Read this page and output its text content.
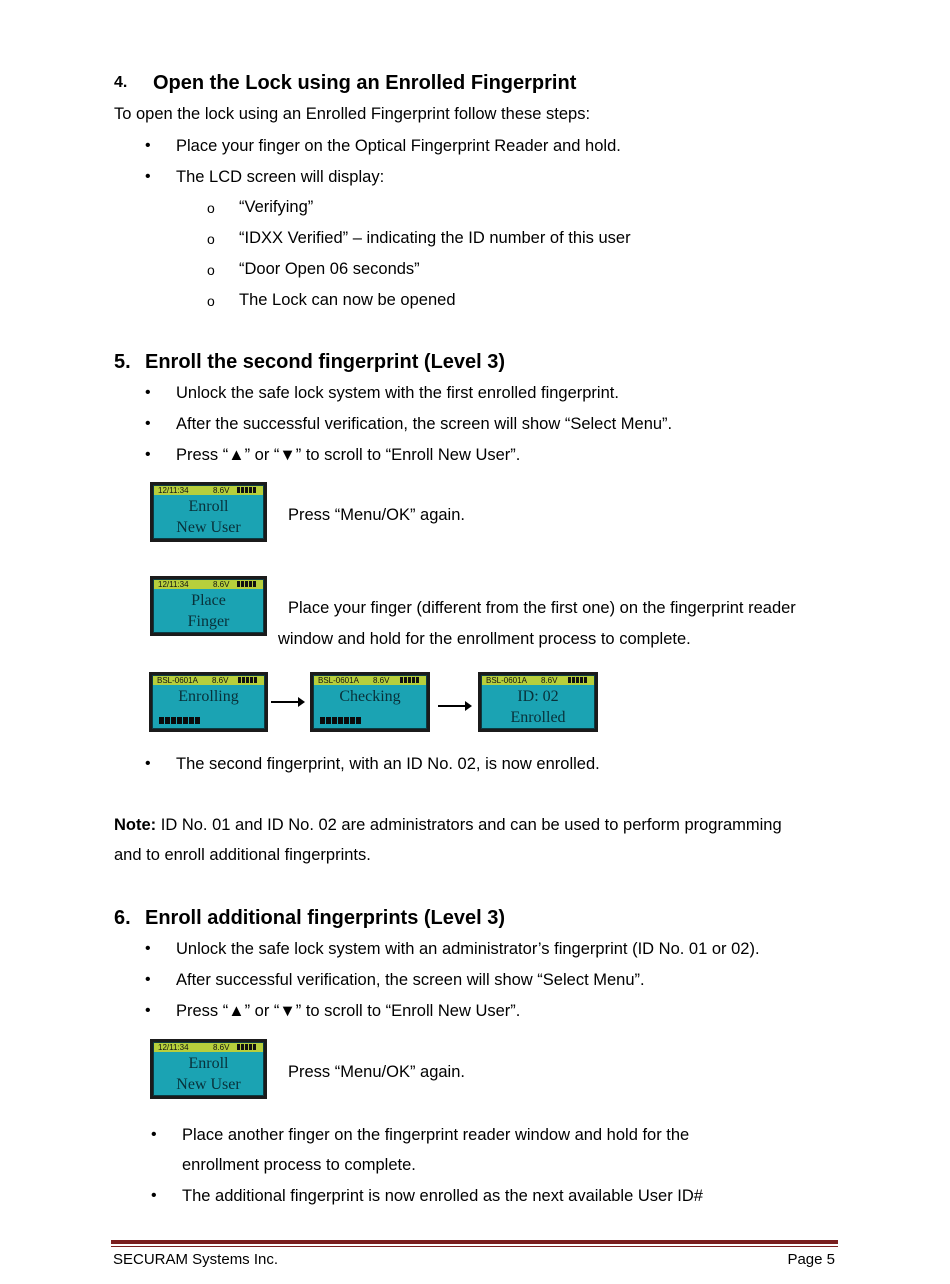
4. Open the Lock using an Enrolled Fingerprint
To open the lock using an Enrolled Fingerprint follow these steps:
• Place your finger on the Optical Fingerprint Reader and hold.
• The LCD screen will display:
o “Verifying”
o “IDXX Verified” – indicating the ID number of this user
o “Door Open 06 seconds”
o The Lock can now be opened
5. Enroll the second fingerprint (Level 3)
• Unlock the safe lock system with the first enrolled fingerprint.
• After the successful verification, the screen will show “Select Menu”.
• Press “▲” or “▼” to scroll to “Enroll New User”.
12/11:34	8.6V
Enroll
New User
Press “Menu/OK” again.
12/11:34	8.6V
Place
Finger
Place your finger (different from the first one) on the fingerprint reader
window and hold for the enrollment process to complete.
BSL-0601A 8.6V
Enrolling
BSL-0601A 8.6V
Checking
BSL-0601A 8.6V
ID: 02
Enrolled
• The second fingerprint, with an ID No. 02, is now enrolled.
Note: ID No. 01 and ID No. 02 are administrators and can be used to perform programming
and to enroll additional fingerprints.
6. Enroll additional fingerprints (Level 3)
• Unlock the safe lock system with an administrator’s fingerprint (ID No. 01 or 02).
• After successful verification, the screen will show “Select Menu”.
• Press “▲” or “▼” to scroll to “Enroll New User”.
12/11:34	8.6V
Enroll
New User
Press “Menu/OK” again.
• Place another finger on the fingerprint reader window and hold for the
enrollment process to complete.
• The additional fingerprint is now enrolled as the next available User ID#
SECURAM Systems Inc.	Page 5
